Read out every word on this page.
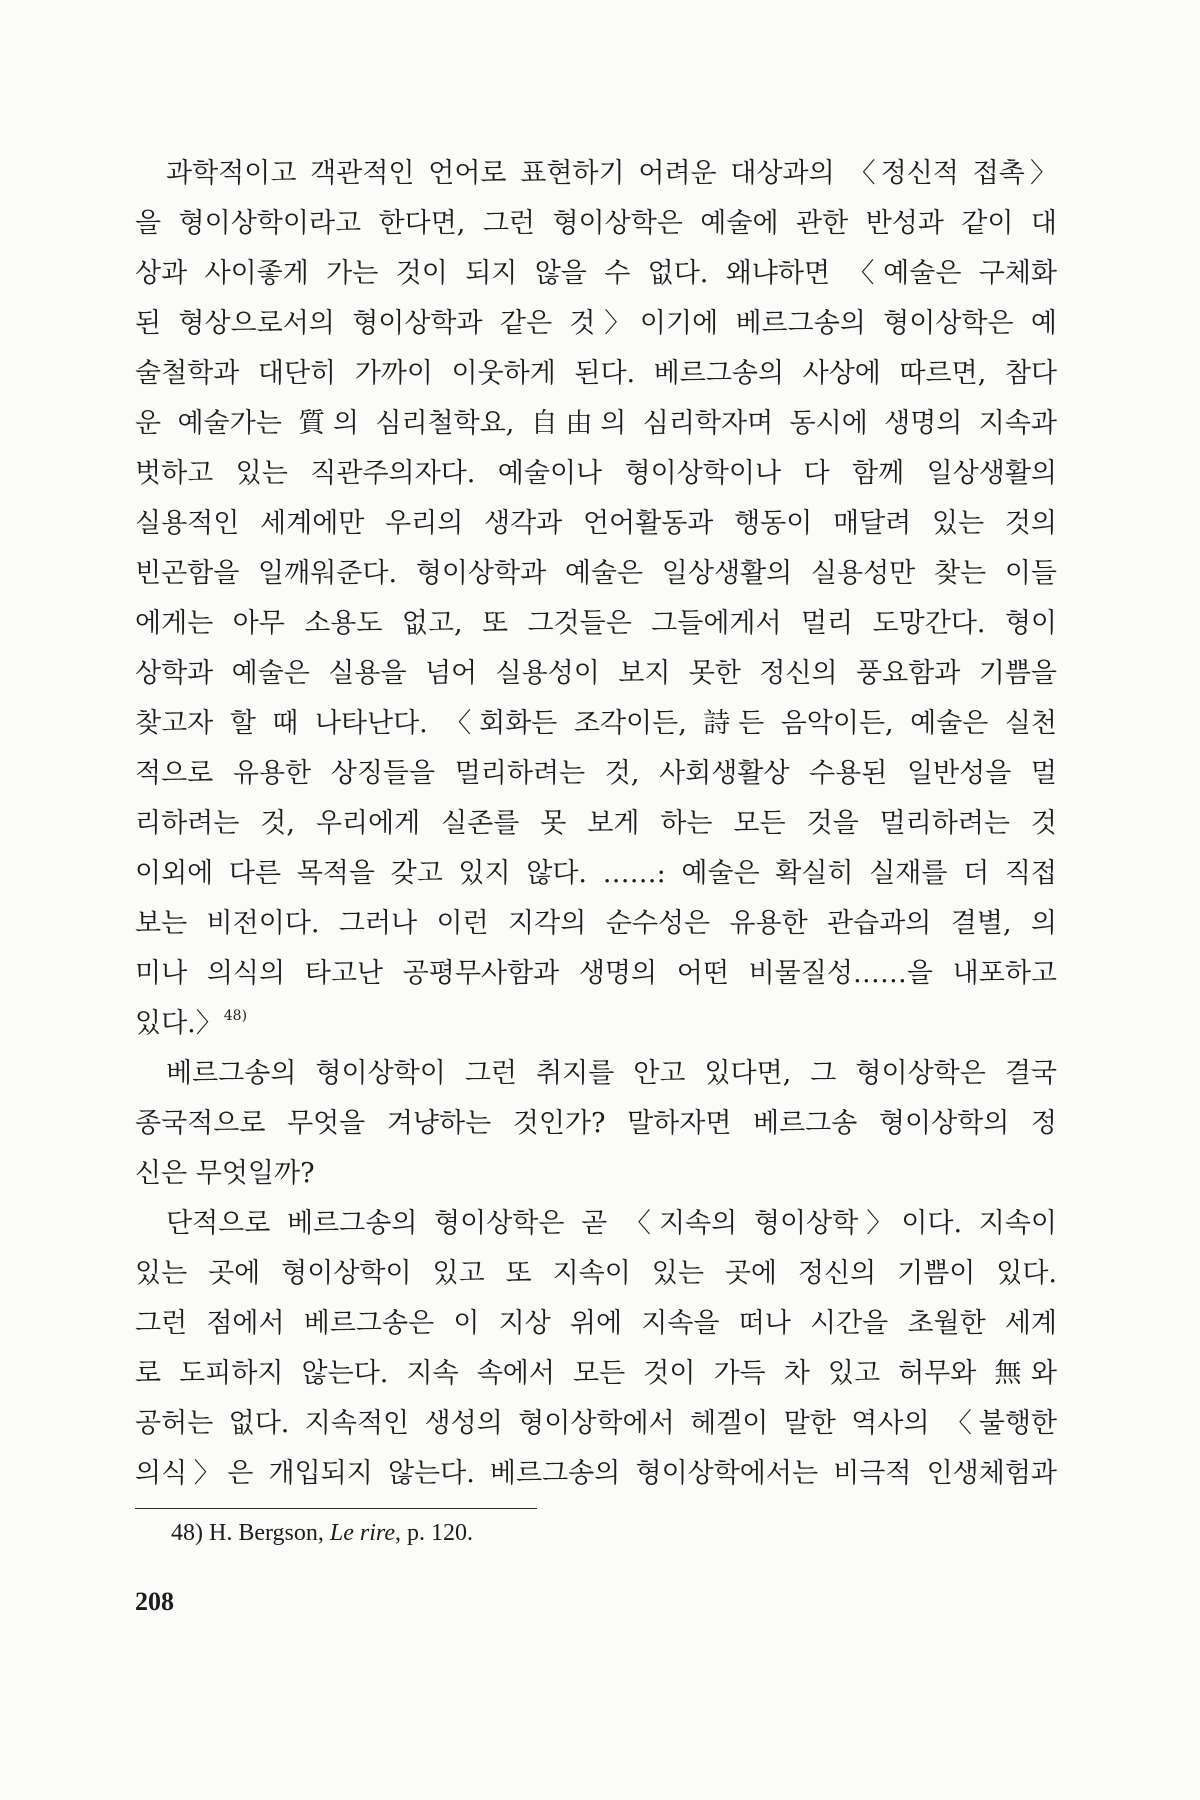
과학적이고 객관적인 언어로 표현하기 어려운 대상과의 〈정신적 접촉〉
을 형이상학이라고 한다면, 그런 형이상학은 예술에 관한 반성과 같이 대
상과 사이좋게 가는 것이 되지 않을 수 없다. 왜냐하면 〈예술은 구체화
된 형상으로서의 형이상학과 같은 것〉이기에 베르그송의 형이상학은 예
술철학과 대단히 가까이 이웃하게 된다. 베르그송의 사상에 따르면, 참다
운 예술가는 質의 심리철학요, 自由의 심리학자며 동시에 생명의 지속과
벗하고 있는 직관주의자다. 예술이나 형이상학이나 다 함께 일상생활의
실용적인 세계에만 우리의 생각과 언어활동과 행동이 매달려 있는 것의
빈곤함을 일깨워준다. 형이상학과 예술은 일상생활의 실용성만 찾는 이들
에게는 아무 소용도 없고, 또 그것들은 그들에게서 멀리 도망간다. 형이
상학과 예술은 실용을 넘어 실용성이 보지 못한 정신의 풍요함과 기쁨을
찾고자 할 때 나타난다. 〈회화든 조각이든, 詩든 음악이든, 예술은 실천
적으로 유용한 상징들을 멀리하려는 것, 사회생활상 수용된 일반성을 멀
리하려는 것, 우리에게 실존를 못 보게 하는 모든 것을 멀리하려는 것
이외에 다른 목적을 갖고 있지 않다. ……: 예술은 확실히 실재를 더 직접
보는 비전이다. 그러나 이런 지각의 순수성은 유용한 관습과의 결별, 의
미나 의식의 타고난 공평무사함과 생명의 어떤 비물질성……을 내포하고
있다.〉$^{48)}$
베르그송의 형이상학이 그런 취지를 안고 있다면, 그 형이상학은 결국
종국적으로 무엇을 겨냥하는 것인가? 말하자면 베르그송 형이상학의 정
신은 무엇일까?
단적으로 베르그송의 형이상학은 곧 〈지속의 형이상학〉이다. 지속이
있는 곳에 형이상학이 있고 또 지속이 있는 곳에 정신의 기쁨이 있다.
그런 점에서 베르그송은 이 지상 위에 지속을 떠나 시간을 초월한 세계
로 도피하지 않는다. 지속 속에서 모든 것이 가득 차 있고 허무와 無와
공허는 없다. 지속적인 생성의 형이상학에서 헤겔이 말한 역사의 〈불행한
의식〉은 개입되지 않는다. 베르그송의 형이상학에서는 비극적 인생체험과
48) H. Bergson, Le rire, p. 120.
208
